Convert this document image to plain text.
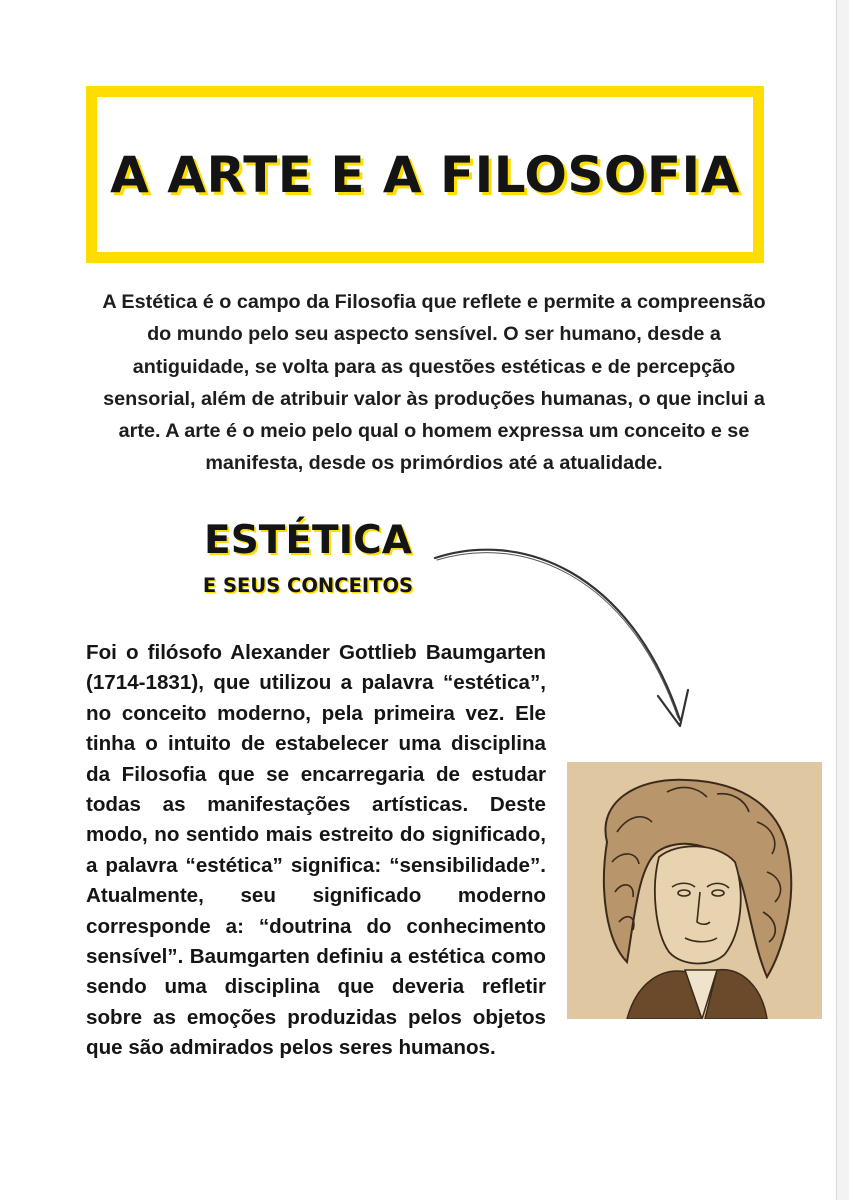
A ARTE E A FILOSOFIA
A Estética é o campo da Filosofia que reflete e permite a compreensão do mundo pelo seu aspecto sensível. O ser humano, desde a antiguidade, se volta para as questões estéticas e de percepção sensorial, além de atribuir valor às produções humanas, o que inclui a arte. A arte é o meio pelo qual o homem expressa um conceito e se manifesta, desde os primórdios até a atualidade.
ESTÉTICA
E SEUS CONCEITOS
Foi o filósofo Alexander Gottlieb Baumgarten (1714-1831), que utilizou a palavra “estética”, no conceito moderno, pela primeira vez. Ele tinha o intuito de estabelecer uma disciplina da Filosofia que se encarregaria de estudar todas as manifestações artísticas. Deste modo, no sentido mais estreito do significado, a palavra “estética” significa: “sensibilidade”. Atualmente, seu significado moderno corresponde a: “doutrina do conhecimento sensível”. Baumgarten definiu a estética como sendo uma disciplina que deveria refletir sobre as emoções produzidas pelos objetos que são admirados pelos seres humanos.
